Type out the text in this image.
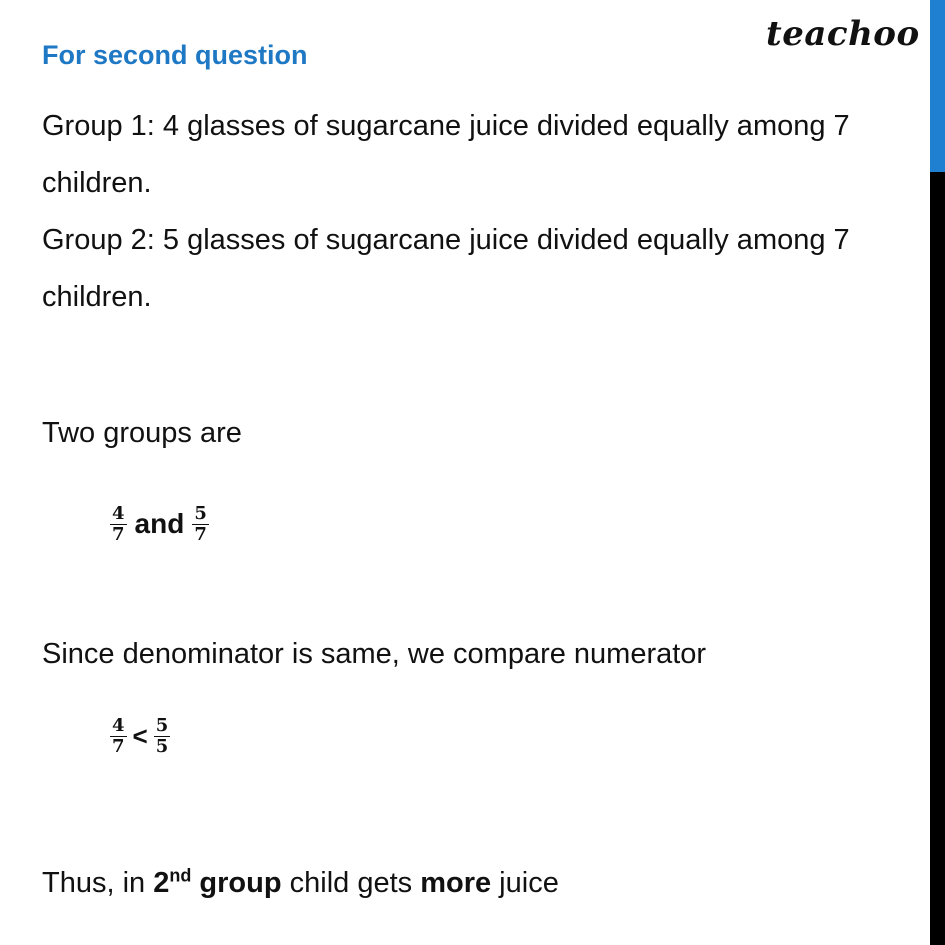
teachoo
For second question
Group 1: 4 glasses of sugarcane juice divided equally among 7
children.
Group 2: 5 glasses of sugarcane juice divided equally among 7
children.
Two groups are
$\frac{4}{7}$ and $\frac{5}{7}$
Since denominator is same, we compare numerator
$\frac{4}{7} < \frac{5}{5}$
Thus, in 2nd group child gets more juice
